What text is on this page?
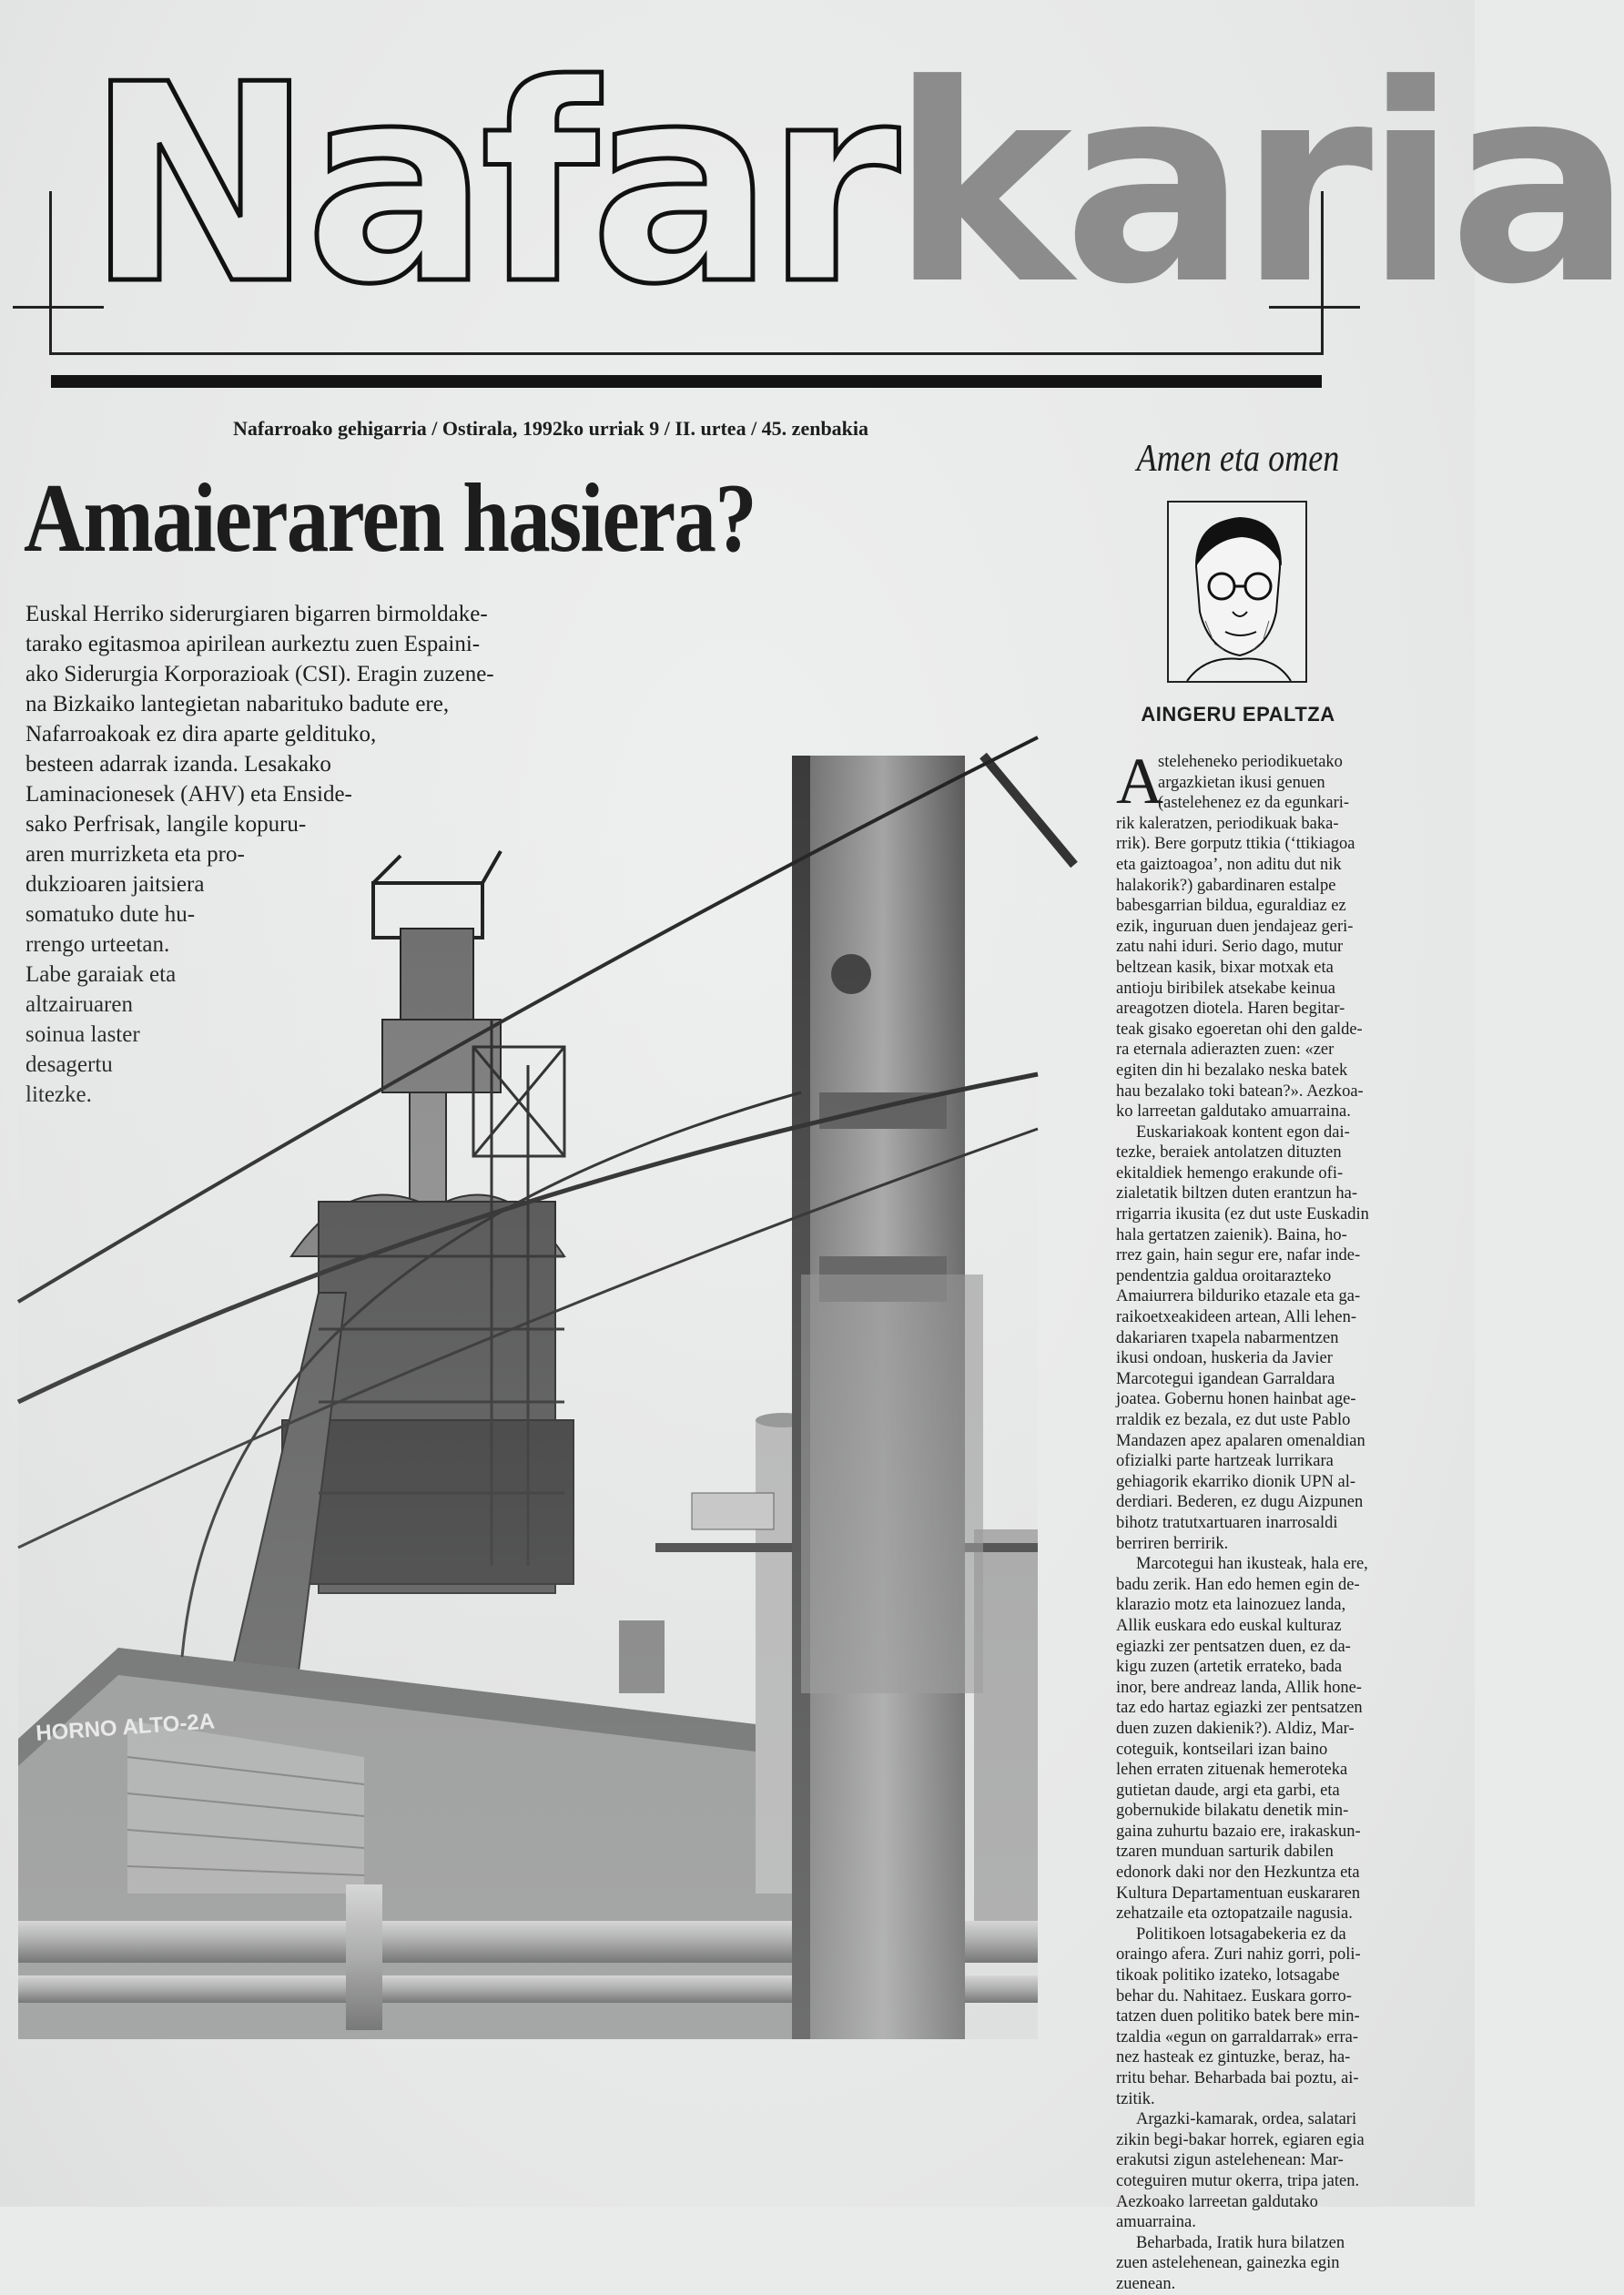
Nafarkaria
Nafarroako gehigarria / Ostirala, 1992ko urriak 9 / II. urtea / 45. zenbakia
Amaieraren hasiera?
Euskal Herriko siderurgiaren bigarren birmoldake-
tarako egitasmoa apirilean aurkeztu zuen Espaini-
ako Siderurgia Korporazioak (CSI). Eragin zuzene-
na Bizkaiko lantegietan nabarituko badute ere,
Nafarroakoak ez dira aparte geldituko,
besteen adarrak izanda. Lesakako
Laminacionesek (AHV) eta Enside-
sako Perfrisak, langile kopuru-
aren murrizketa eta pro-
dukzioaren jaitsiera
somatuko dute hu-
rrengo urteetan.
Labe garaiak eta
altzairuaren
soinua laster
desagertu
litezke.
HORNO ALTO-2A
Amen eta omen
AINGERU EPALTZA
A
steleheneko periodikuetako
argazkietan ikusi genuen
(astelehenez ez da egunkari-
rik kaleratzen, periodikuak baka-
rrik). Bere gorputz ttikia (‘ttikiagoa
eta gaiztoagoa’, non aditu dut nik
halakorik?) gabardinaren estalpe
babesgarrian bildua, eguraldiaz ez
ezik, inguruan duen jendajeaz geri-
zatu nahi iduri. Serio dago, mutur
beltzean kasik, bixar motxak eta
antioju biribilek atsekabe keinua
areagotzen diotela. Haren begitar-
teak gisako egoeretan ohi den galde-
ra eternala adierazten zuen: «zer
egiten din hi bezalako neska batek
hau bezalako toki batean?». Aezkoa-
ko larreetan galdutako amuarraina.
Euskariakoak kontent egon dai-
tezke, beraiek antolatzen dituzten
ekitaldiek hemengo erakunde ofi-
zialetatik biltzen duten erantzun ha-
rrigarria ikusita (ez dut uste Euskadin
hala gertatzen zaienik). Baina, ho-
rrez gain, hain segur ere, nafar inde-
pendentzia galdua oroitarazteko
Amaiurrera bilduriko etazale eta ga-
raikoetxeakideen artean, Alli lehen-
dakariaren txapela nabarmentzen
ikusi ondoan, huskeria da Javier
Marcotegui igandean Garraldara
joatea. Gobernu honen hainbat age-
rraldik ez bezala, ez dut uste Pablo
Mandazen apez apalaren omenaldian
ofizialki parte hartzeak lurrikara
gehiagorik ekarriko dionik UPN al-
derdiari. Bederen, ez dugu Aizpunen
bihotz tratutxartuaren inarrosaldi
berriren berririk.
Marcotegui han ikusteak, hala ere,
badu zerik. Han edo hemen egin de-
klarazio motz eta lainozuez landa,
Allik euskara edo euskal kulturaz
egiazki zer pentsatzen duen, ez da-
kigu zuzen (artetik errateko, bada
inor, bere andreaz landa, Allik hone-
taz edo hartaz egiazki zer pentsatzen
duen zuzen dakienik?). Aldiz, Mar-
coteguik, kontseilari izan baino
lehen erraten zituenak hemeroteka
gutietan daude, argi eta garbi, eta
gobernukide bilakatu denetik min-
gaina zuhurtu bazaio ere, irakaskun-
tzaren munduan sarturik dabilen
edonork daki nor den Hezkuntza eta
Kultura Departamentuan euskararen
zehatzaile eta oztopatzaile nagusia.
Politikoen lotsagabekeria ez da
oraingo afera. Zuri nahiz gorri, poli-
tikoak politiko izateko, lotsagabe
behar du. Nahitaez. Euskara gorro-
tatzen duen politiko batek bere min-
tzaldia «egun on garraldarrak» erra-
nez hasteak ez gintuzke, beraz, ha-
rritu behar. Beharbada bai poztu, ai-
tzitik.
Argazki-kamarak, ordea, salatari
zikin begi-bakar horrek, egiaren egia
erakutsi zigun astelehenean: Mar-
coteguiren mutur okerra, tripa jaten.
Aezkoako larreetan galdutako
amuarraina.
Beharbada, Iratik hura bilatzen
zuen astelehenean, gainezka egin
zuenean.
